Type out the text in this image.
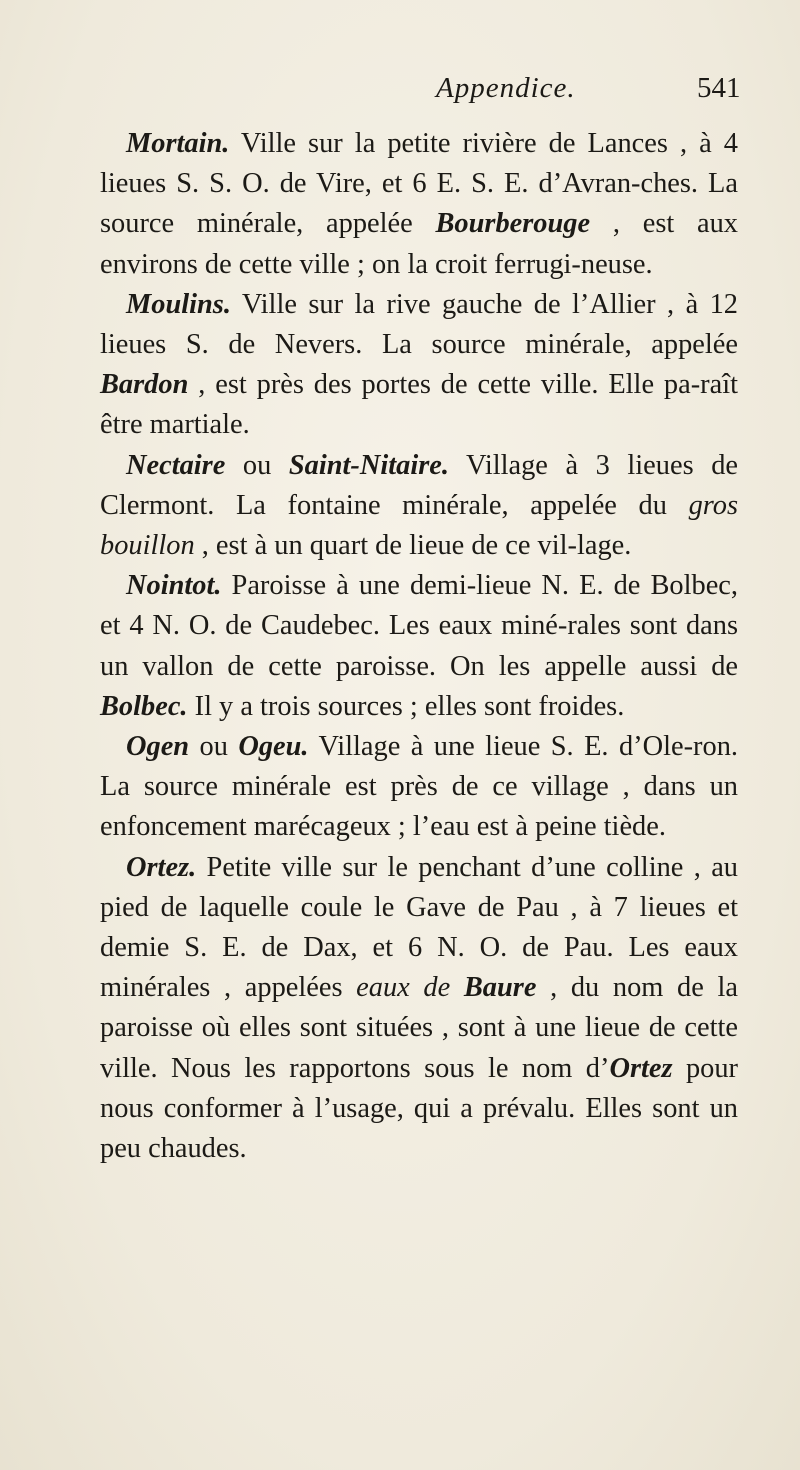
Appendice.	541

Mortain. Ville sur la petite rivière de Lances , à 4 lieues S. S. O. de Vire, et 6 E. S. E. d’Avran-ches. La source minérale, appelée Bourberouge , est aux environs de cette ville ; on la croit ferrugi-neuse.

Moulins. Ville sur la rive gauche de l’Allier , à 12 lieues S. de Nevers. La source minérale, appelée Bardon , est près des portes de cette ville. Elle pa-raît être martiale.

Nectaire ou Saint-Nitaire. Village à 3 lieues de Clermont. La fontaine minérale, appelée du gros bouillon , est à un quart de lieue de ce vil-lage.

Nointot. Paroisse à une demi-lieue N. E. de Bolbec, et 4 N. O. de Caudebec. Les eaux miné-rales sont dans un vallon de cette paroisse. On les appelle aussi de Bolbec. Il y a trois sources ; elles sont froides.

Ogen ou Ogeu. Village à une lieue S. E. d’Ole-ron. La source minérale est près de ce village , dans un enfoncement marécageux ; l’eau est à peine tiède.

Ortez. Petite ville sur le penchant d’une colline , au pied de laquelle coule le Gave de Pau , à 7 lieues et demie S. E. de Dax, et 6 N. O. de Pau. Les eaux minérales , appelées eaux de Baure , du nom de la paroisse où elles sont situées , sont à une lieue de cette ville. Nous les rapportons sous le nom d’Ortez pour nous conformer à l’usage, qui a prévalu. Elles sont un peu chaudes.
